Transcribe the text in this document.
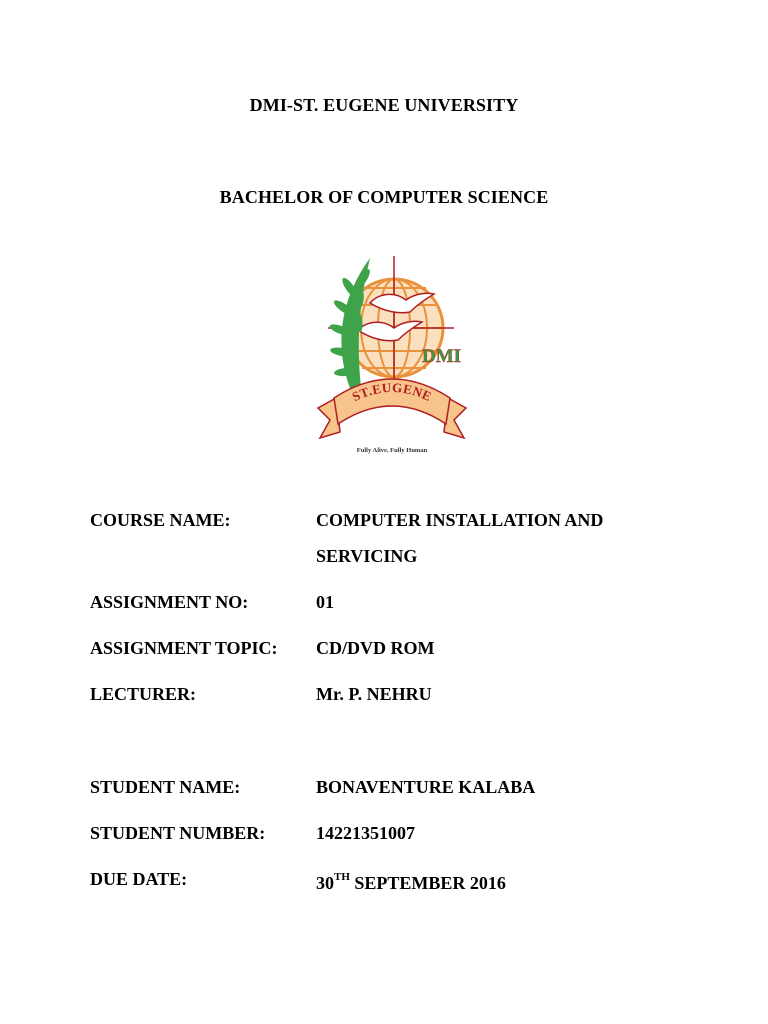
DMI-ST. EUGENE UNIVERSITY
BACHELOR OF COMPUTER SCIENCE
DMI
ST.EUGENE
Fully Alive, Fully Human
COURSE NAME:	COMPUTER INSTALLATION AND SERVICING
ASSIGNMENT NO:	01
ASSIGNMENT TOPIC: CD/DVD ROM
LECTURER:	Mr. P. NEHRU
STUDENT NAME:	BONAVENTURE KALABA
STUDENT NUMBER:	14221351007
DUE DATE:	30TH SEPTEMBER 2016
